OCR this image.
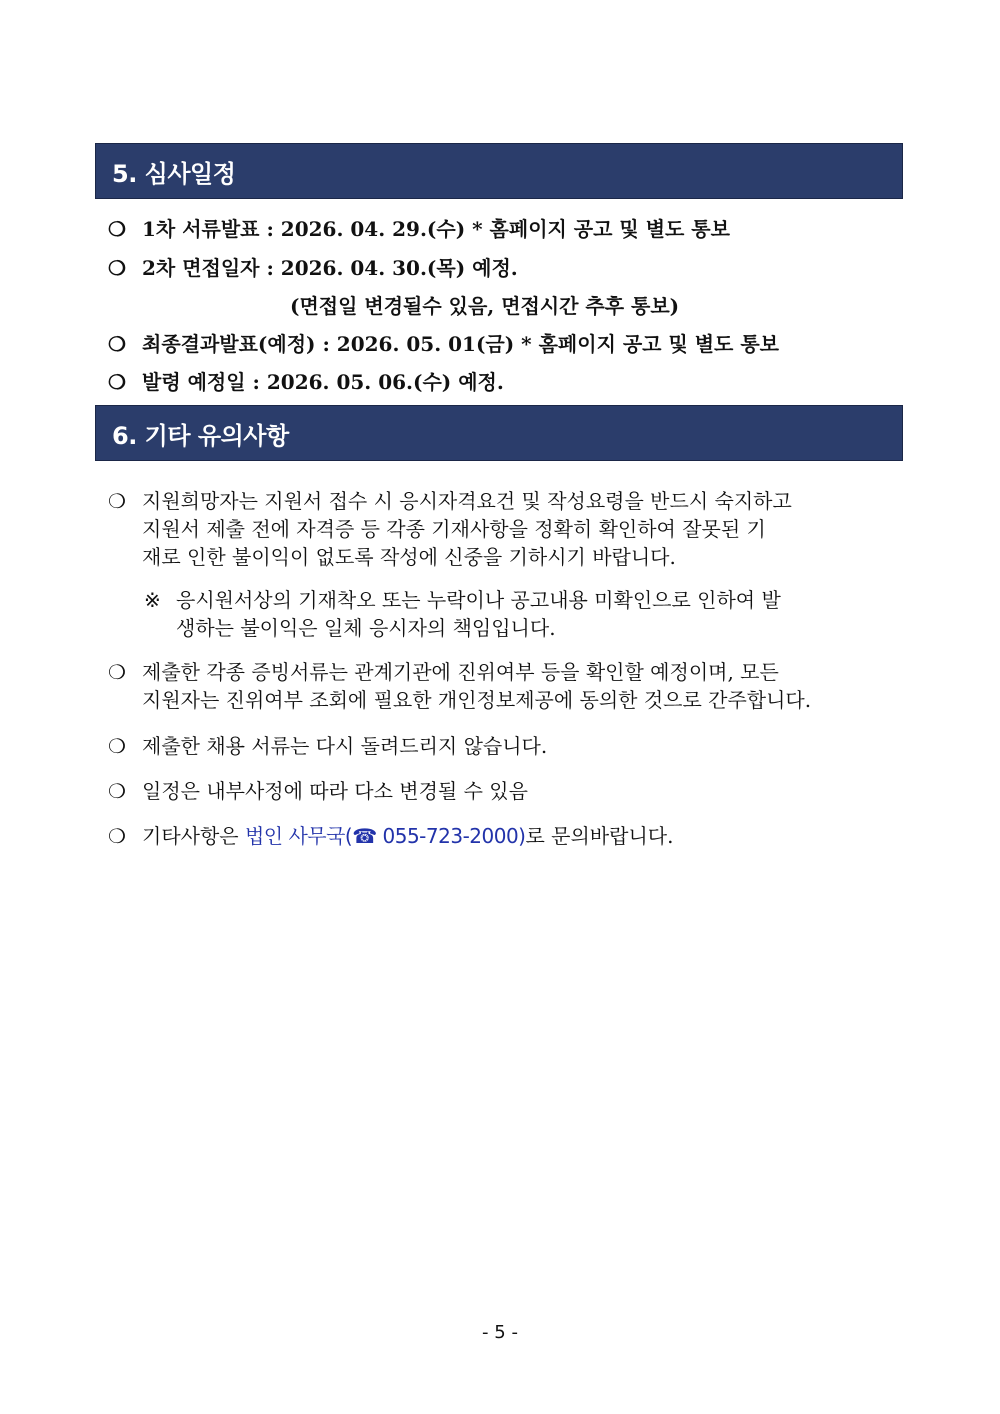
5. 심사일정
❍ 1차 서류발표 : 2026. 04. 29.(수) * 홈페이지 공고 및 별도 통보
❍ 2차 면접일자 : 2026. 04. 30.(목) 예정.
(면접일 변경될수 있음, 면접시간 추후 통보)
❍ 최종결과발표(예정) : 2026. 05. 01(금) * 홈페이지 공고 및 별도 통보
❍ 발령 예정일 : 2026. 05. 06.(수) 예정.
6. 기타 유의사항
❍ 지원희망자는 지원서 접수 시 응시자격요건 및 작성요령을 반드시 숙지하고
지원서 제출 전에 자격증 등 각종 기재사항을 정확히 확인하여 잘못된 기
재로 인한 불이익이 없도록 작성에 신중을 기하시기 바랍니다.
※ 응시원서상의 기재착오 또는 누락이나 공고내용 미확인으로 인하여 발
생하는 불이익은 일체 응시자의 책임입니다.
❍ 제출한 각종 증빙서류는 관계기관에 진위여부 등을 확인할 예정이며, 모든
지원자는 진위여부 조회에 필요한 개인정보제공에 동의한 것으로 간주합니다.
❍ 제출한 채용 서류는 다시 돌려드리지 않습니다.
❍ 일정은 내부사정에 따라 다소 변경될 수 있음
❍ 기타사항은 법인 사무국(☎ 055-723-2000)로 문의바랍니다.
- 5 -
